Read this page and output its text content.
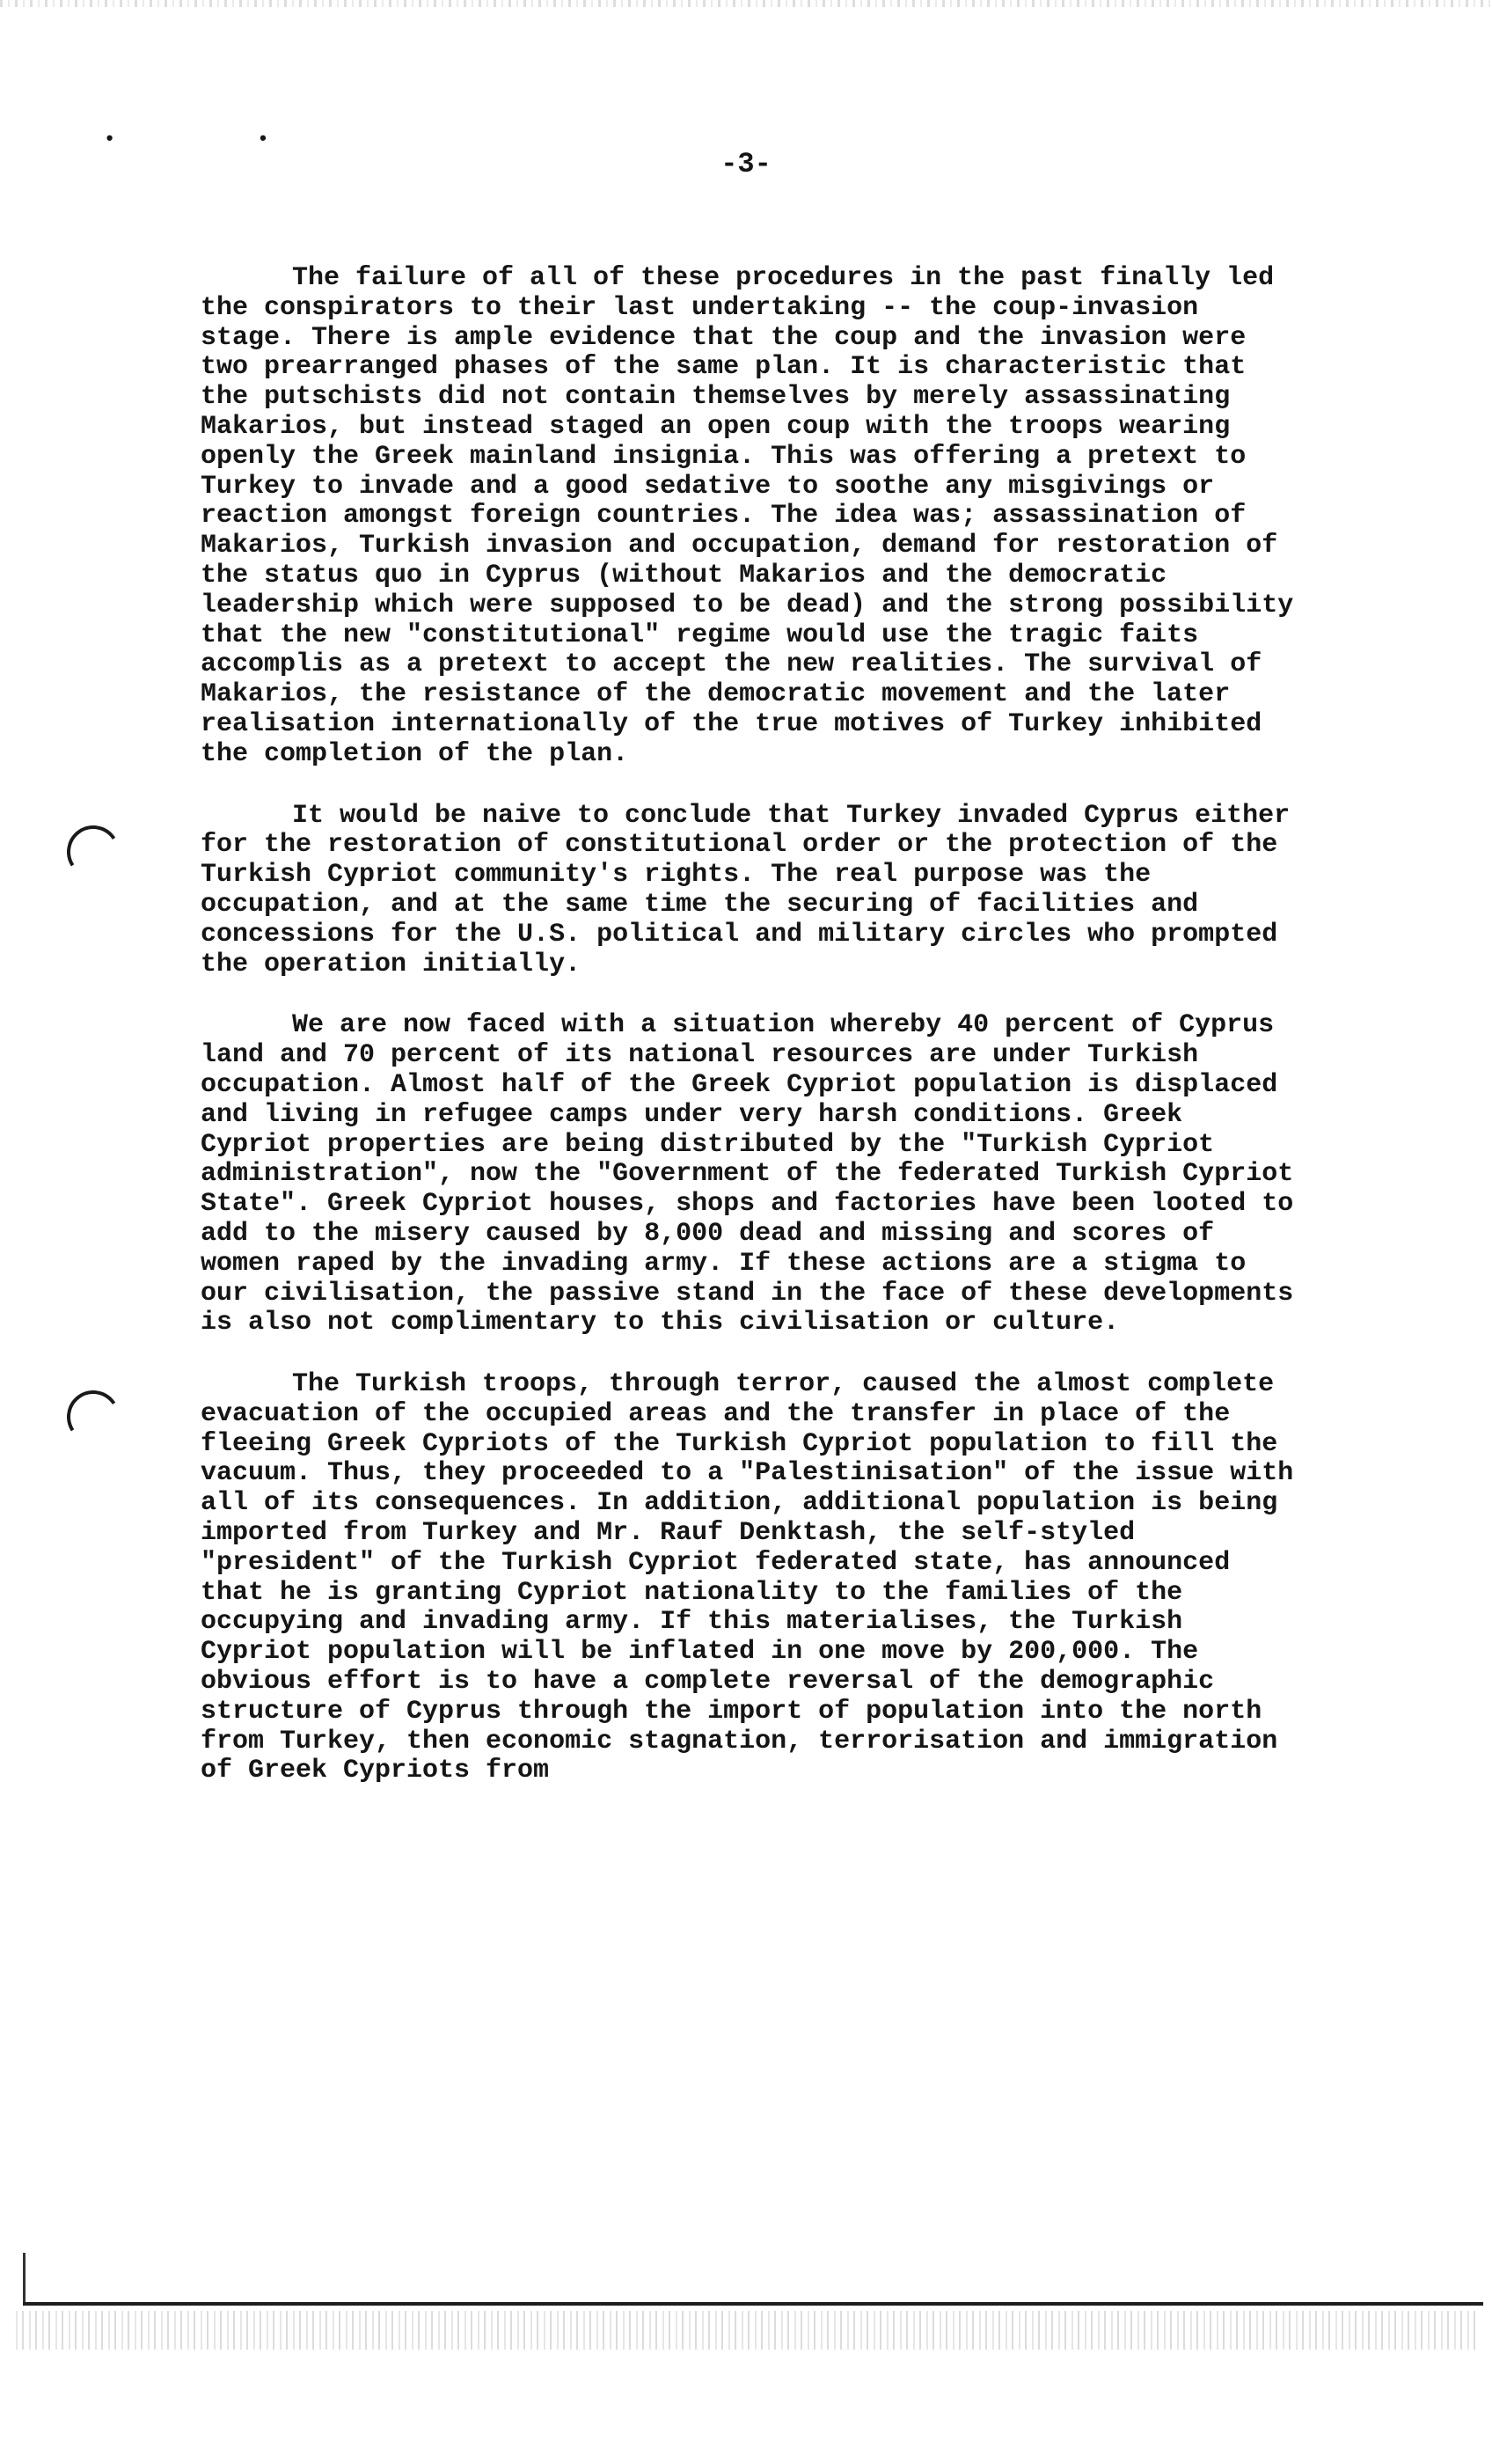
• •
-3-

The failure of all of these procedures in the past finally led the conspirators to their last undertaking -- the coup-invasion stage. There is ample evidence that the coup and the invasion were two prearranged phases of the same plan. It is characteristic that the putschists did not contain themselves by merely assassinating Makarios, but instead staged an open coup with the troops wearing openly the Greek mainland insignia. This was offering a pretext to Turkey to invade and a good sedative to soothe any misgivings or reaction amongst foreign countries. The idea was; assassination of Makarios, Turkish invasion and occupation, demand for restoration of the status quo in Cyprus (without Makarios and the democratic leadership which were supposed to be dead) and the strong possibility that the new "constitutional" regime would use the tragic faits accomplis as a pretext to accept the new realities. The survival of Makarios, the resistance of the democratic movement and the later realisation internationally of the true motives of Turkey inhibited the completion of the plan.

It would be naive to conclude that Turkey invaded Cyprus either for the restoration of constitutional order or the protection of the Turkish Cypriot community's rights. The real purpose was the occupation, and at the same time the securing of facilities and concessions for the U.S. political and military circles who prompted the operation initially.

We are now faced with a situation whereby 40 percent of Cyprus land and 70 percent of its national resources are under Turkish occupation. Almost half of the Greek Cypriot population is displaced and living in refugee camps under very harsh conditions. Greek Cypriot properties are being distributed by the "Turkish Cypriot administration", now the "Government of the federated Turkish Cypriot State". Greek Cypriot houses, shops and factories have been looted to add to the misery caused by 8,000 dead and missing and scores of women raped by the invading army. If these actions are a stigma to our civilisation, the passive stand in the face of these developments is also not complimentary to this civilisation or culture.

The Turkish troops, through terror, caused the almost complete evacuation of the occupied areas and the transfer in place of the fleeing Greek Cypriots of the Turkish Cypriot population to fill the vacuum. Thus, they proceeded to a "Palestinisation" of the issue with all of its consequences. In addition, additional population is being imported from Turkey and Mr. Rauf Denktash, the self-styled "president" of the Turkish Cypriot federated state, has announced that he is granting Cypriot nationality to the families of the occupying and invading army. If this materialises, the Turkish Cypriot population will be inflated in one move by 200,000. The obvious effort is to have a complete reversal of the demographic structure of Cyprus through the import of population into the north from Turkey, then economic stagnation, terrorisation and immigration of Greek Cypriots from
